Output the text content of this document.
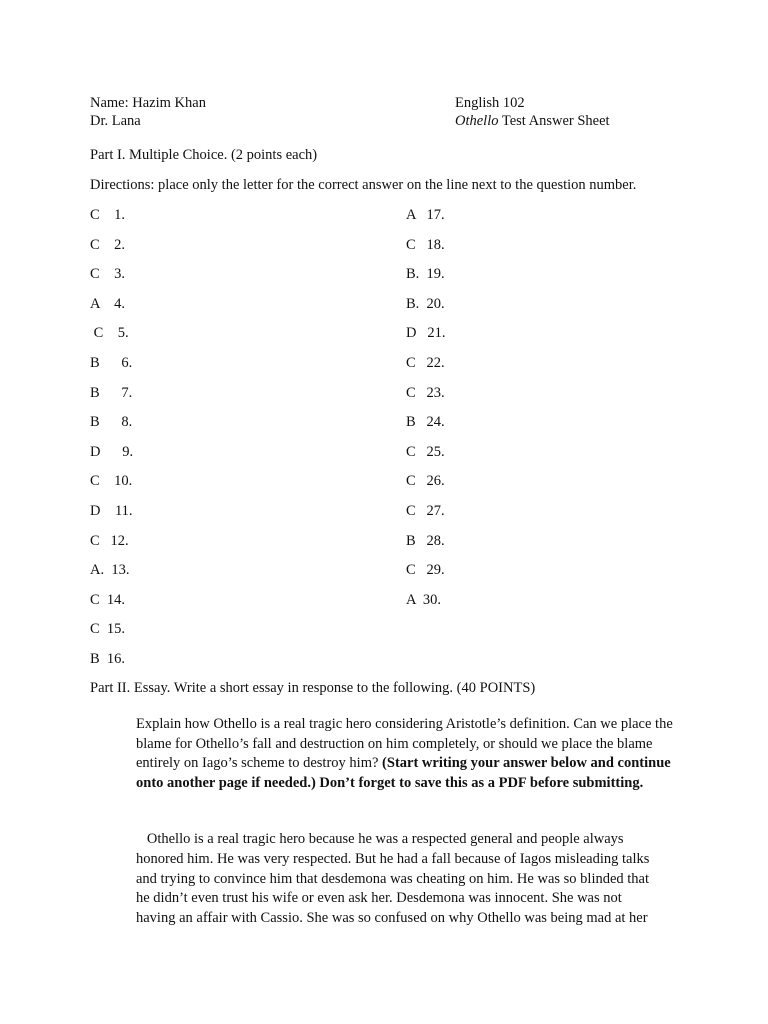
Name: Hazim Khan
Dr. Lana
English 102
Othello Test Answer Sheet
Part I. Multiple Choice. (2 points each)
Directions: place only the letter for the correct answer on the line next to the question number.
C    1.
C    2.
C    3.
A    4.
C    5.
B      6.
B      7.
B      8.
D      9.
C    10.
D    11.
C   12.
A.  13.
C  14.
C  15.
B  16.
A   17.
C   18.
B.  19.
B.  20.
D   21.
C   22.
C   23.
B   24.
C   25.
C   26.
C   27.
B   28.
C   29.
A  30.
Part II. Essay. Write a short essay in response to the following. (40 POINTS)
Explain how Othello is a real tragic hero considering Aristotle’s definition. Can we place the blame for Othello’s fall and destruction on him completely, or should we place the blame entirely on Iago’s scheme to destroy him? (Start writing your answer below and continue onto another page if needed.) Don’t forget to save this as a PDF before submitting.
Othello is a real tragic hero because he was a respected general and people always
honored him. He was very respected. But he had a fall because of Iagos misleading talks
and trying to convince him that desdemona was cheating on him. He was so blinded that
he didn’t even trust his wife or even ask her. Desdemona was innocent. She was not
having an affair with Cassio. She was so confused on why Othello was being mad at her
